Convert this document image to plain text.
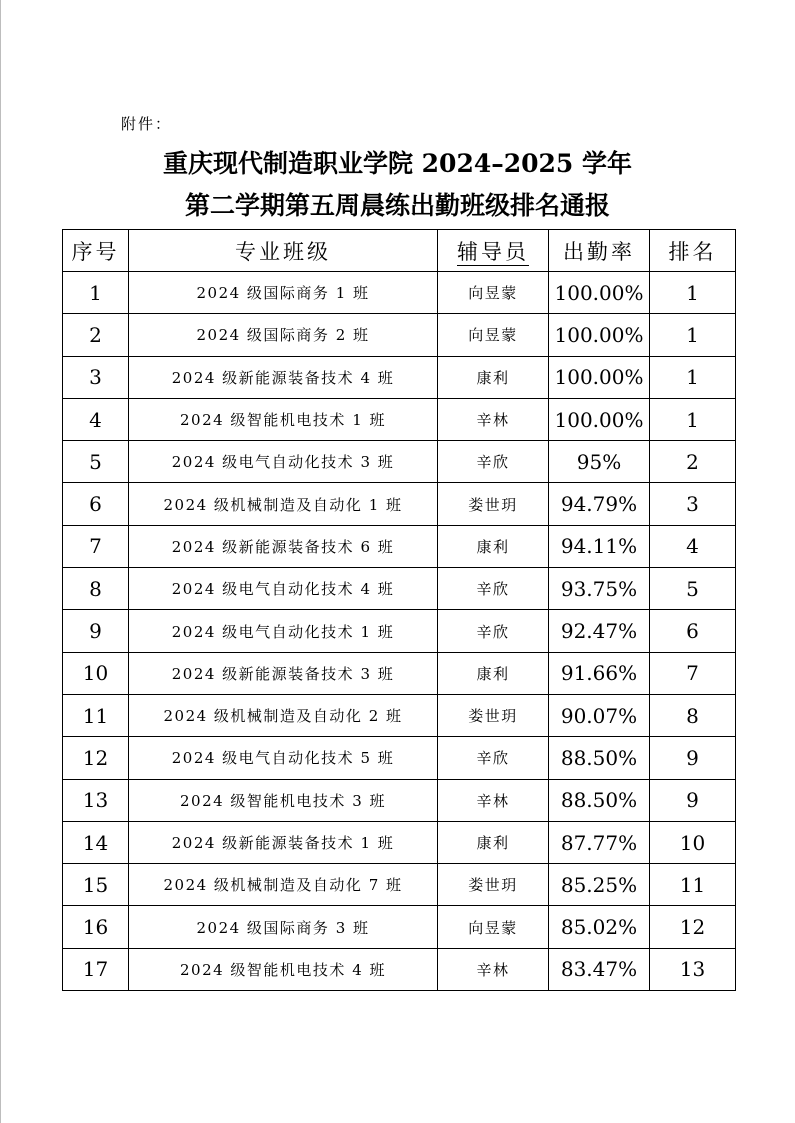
附件：
重庆现代制造职业学院 2024–2025 学年
第二学期第五周晨练出勤班级排名通报
序号	专业班级	辅导员	出勤率	排名
1	2024 级国际商务 1 班	向昱蒙	100.00%	1
2	2024 级国际商务 2 班	向昱蒙	100.00%	1
3	2024 级新能源装备技术 4 班	康利	100.00%	1
4	2024 级智能机电技术 1 班	辛林	100.00%	1
5	2024 级电气自动化技术 3 班	辛欣	95%	2
6	2024 级机械制造及自动化 1 班	娄世玥	94.79%	3
7	2024 级新能源装备技术 6 班	康利	94.11%	4
8	2024 级电气自动化技术 4 班	辛欣	93.75%	5
9	2024 级电气自动化技术 1 班	辛欣	92.47%	6
10	2024 级新能源装备技术 3 班	康利	91.66%	7
11	2024 级机械制造及自动化 2 班	娄世玥	90.07%	8
12	2024 级电气自动化技术 5 班	辛欣	88.50%	9
13	2024 级智能机电技术 3 班	辛林	88.50%	9
14	2024 级新能源装备技术 1 班	康利	87.77%	10
15	2024 级机械制造及自动化 7 班	娄世玥	85.25%	11
16	2024 级国际商务 3 班	向昱蒙	85.02%	12
17	2024 级智能机电技术 4 班	辛林	83.47%	13
